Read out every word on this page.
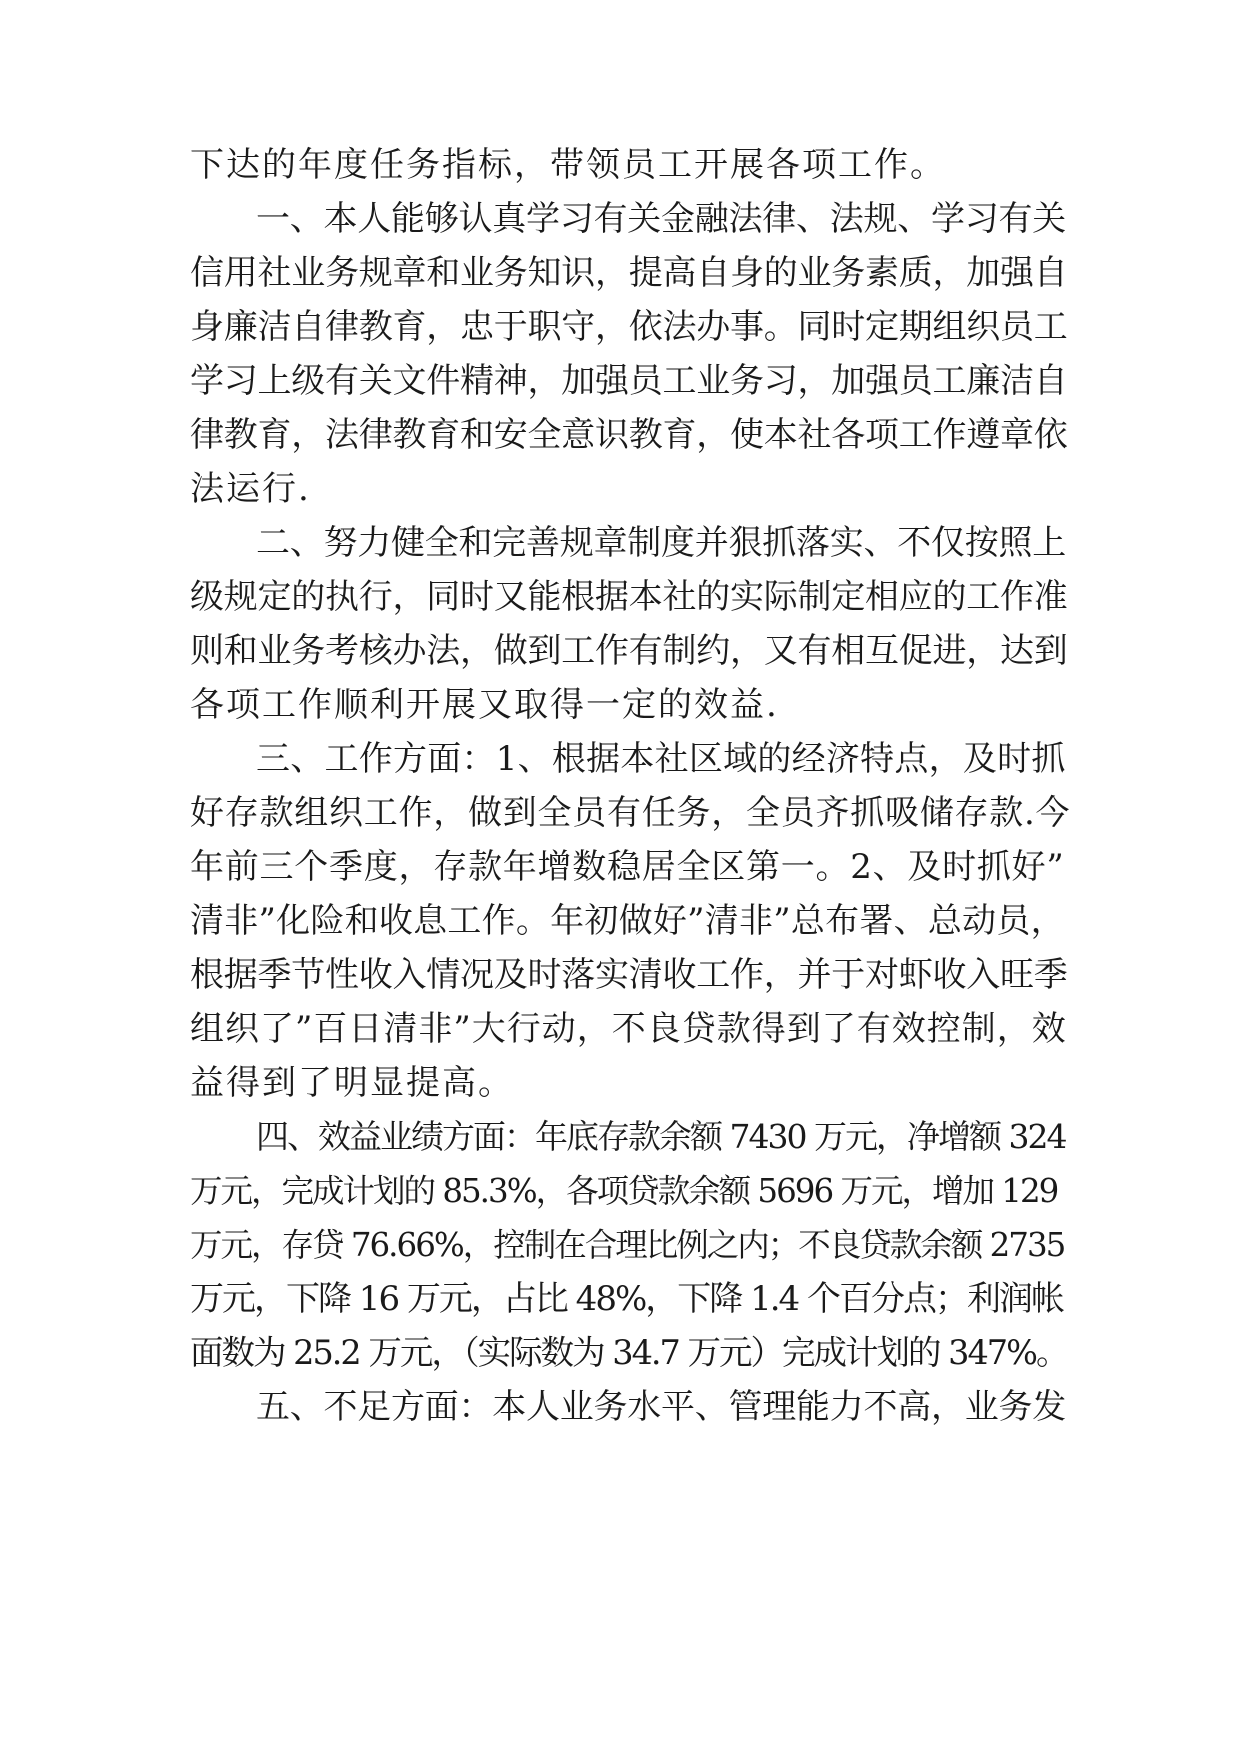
下达的年度任务指标，带领员工开展各项工作。
一、本人能够认真学习有关金融法律、法规、学习有关
信用社业务规章和业务知识，提高自身的业务素质，加强自
身廉洁自律教育，忠于职守，依法办事。同时定期组织员工
学习上级有关文件精神，加强员工业务习，加强员工廉洁自
律教育，法律教育和安全意识教育，使本社各项工作遵章依
法运行.
二、努力健全和完善规章制度并狠抓落实、不仅按照上
级规定的执行，同时又能根据本社的实际制定相应的工作准
则和业务考核办法，做到工作有制约，又有相互促进，达到
各项工作顺利开展又取得一定的效益.
三、工作方面：1、根据本社区域的经济特点，及时抓
好存款组织工作，做到全员有任务，全员齐抓吸储存款.今
年前三个季度，存款年增数稳居全区第一。2、及时抓好”
清非”化险和收息工作。年初做好”清非”总布署、总动员，
根据季节性收入情况及时落实清收工作，并于对虾收入旺季
组织了”百日清非”大行动，不良贷款得到了有效控制，效
益得到了明显提高。
四、效益业绩方面：年底存款余额 7430 万元，净增额 324
万元，完成计划的 85.3%，各项贷款余额 5696 万元，增加 129
万元，存贷 76.66%，控制在合理比例之内；不良贷款余额 2735
万元，下降 16 万元，占比 48%，下降 1.4 个百分点；利润帐
面数为 25.2 万元，（实际数为 34.7 万元）完成计划的 347%。
五、不足方面：本人业务水平、管理能力不高，业务发
